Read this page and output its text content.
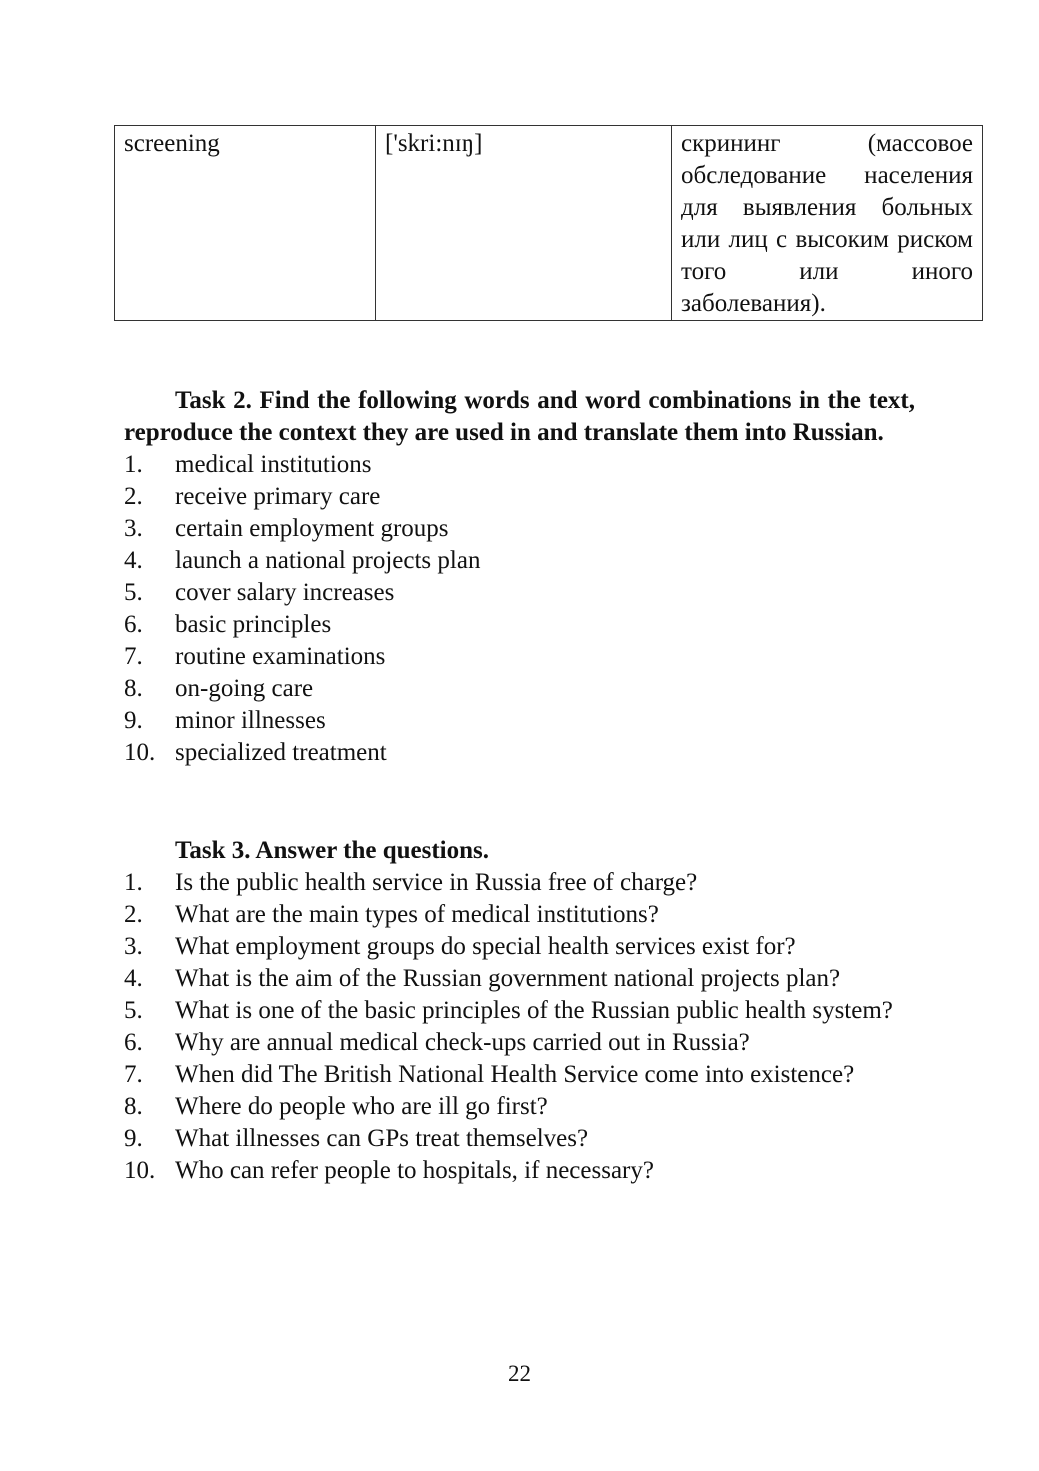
screening	['skri:nɪŋ]	скрининг (массовое обследование населения для выявления больных или лиц с высоким риском того или иного заболевания).

Task 2. Find the following words and word combinations in the text, reproduce the context they are used in and translate them into Russian.

1. medical institutions
2. receive primary care
3. certain employment groups
4. launch a national projects plan
5. cover salary increases
6. basic principles
7. routine examinations
8. on-going care
9. minor illnesses
10. specialized treatment

Task 3. Answer the questions.

1. Is the public health service in Russia free of charge?
2. What are the main types of medical institutions?
3. What employment groups do special health services exist for?
4. What is the aim of the Russian government national projects plan?
5. What is one of the basic principles of the Russian public health system?
6. Why are annual medical check-ups carried out in Russia?
7. When did The British National Health Service come into existence?
8. Where do people who are ill go first?
9. What illnesses can GPs treat themselves?
10. Who can refer people to hospitals, if necessary?
22
